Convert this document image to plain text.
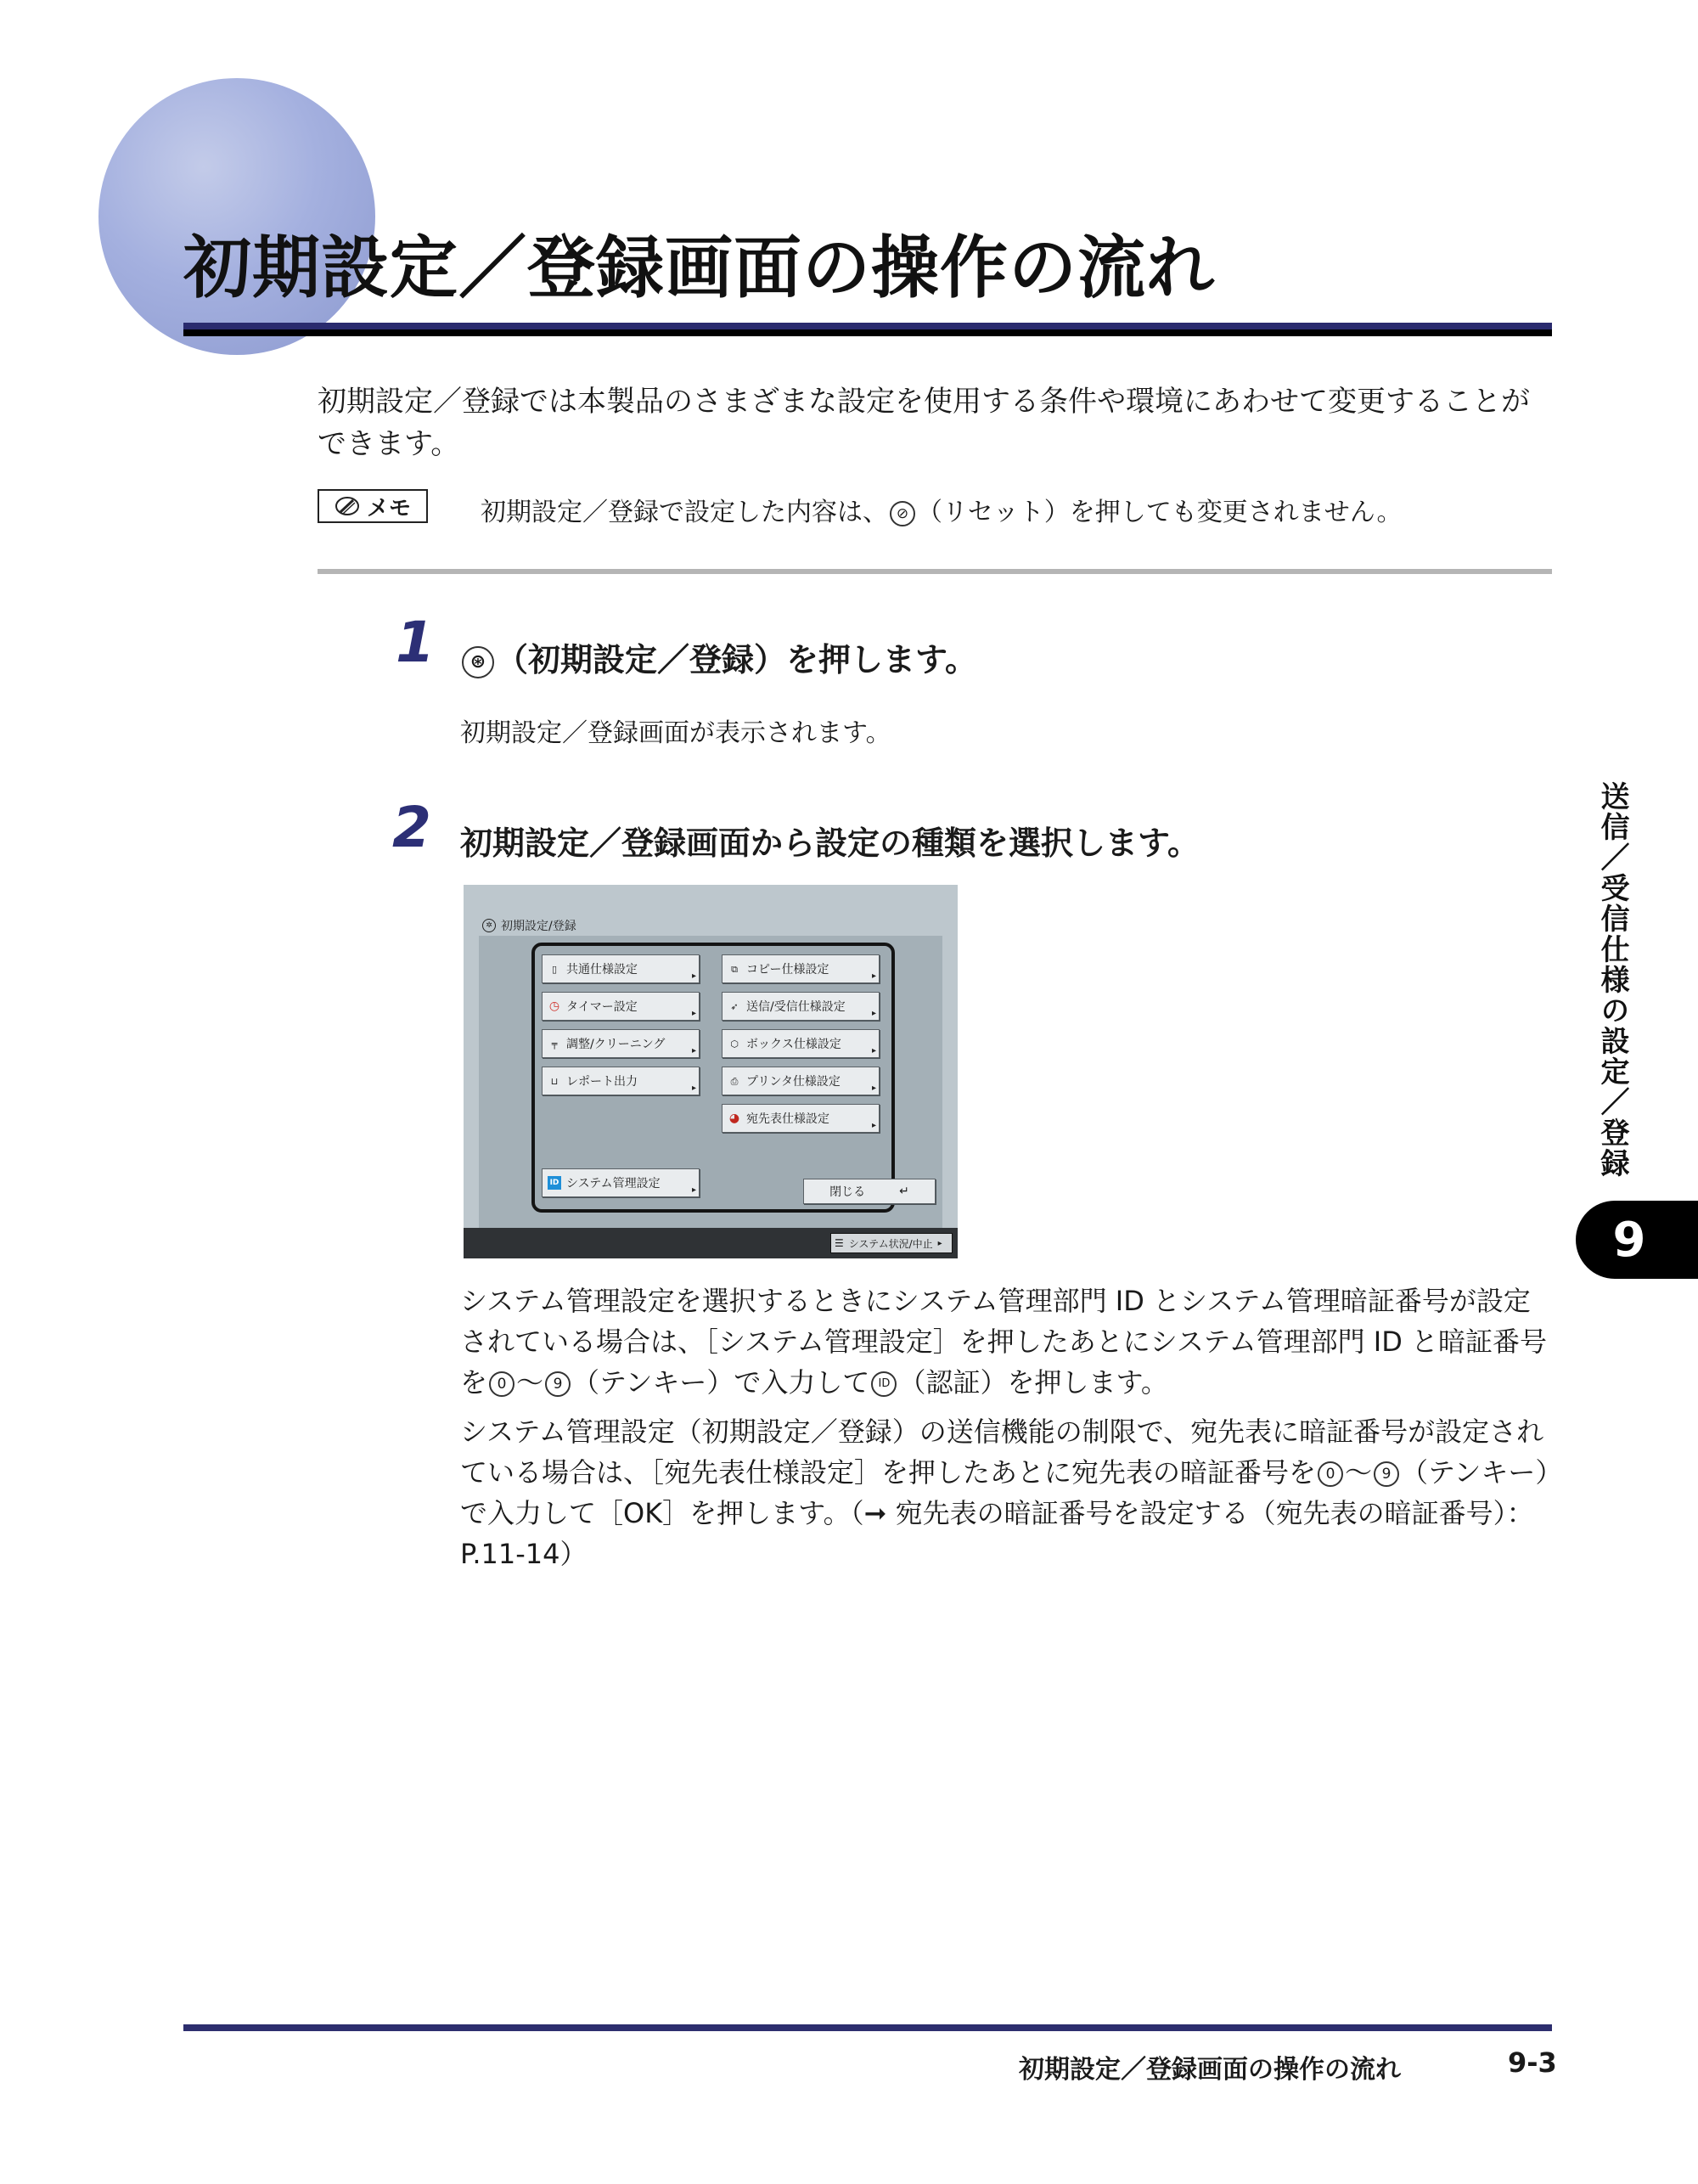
初期設定／登録画面の操作の流れ

初期設定／登録では本製品のさまざまな設定を使用する条件や環境にあわせて変更することができます。

メモ	初期設定／登録で設定した内容は、 ⊘ （リセット）を押しても変更されません。
1	⊛ （初期設定／登録）を押します。
初期設定／登録画面が表示されます。
2 初期設定／登録画面から設定の種類を選択します。
✲ 初期設定/登録
▯ 共通仕様設定	▸
◷ タイマー設定	▸
╤ 調整/クリーニング	▸
⊔ レポート出力	▸
ID システム管理設定	▸
⧉ コピー仕様設定	▸
➶ 送信/受信仕様設定	▸
⬡ ボックス仕様設定	▸
⎙ プリンタ仕様設定	▸
◕ 宛先表仕様設定	▸
閉じる	↵
☰ システム状況/中止 ▸

システム管理設定を選択するときにシステム管理部門 ID とシステム管理暗証番号が設定されている場合は、［システム管理設定］を押したあとにシステム管理部門 ID と暗証番号を 0 〜 9 （テンキー）で入力して ID （認証）を押します。

システム管理設定（初期設定／登録）の送信機能の制限で、宛先表に暗証番号が設定されている場合は、［宛先表仕様設定］を押したあとに宛先表の暗証番号を 0 〜 9 （テンキー）で入力して［OK］を押します。（➞ 宛先表の暗証番号を設定する（宛先表の暗証番号）：P.11-14）

送信／受信仕様の設定／登録
9
初期設定／登録画面の操作の流れ	9-3
